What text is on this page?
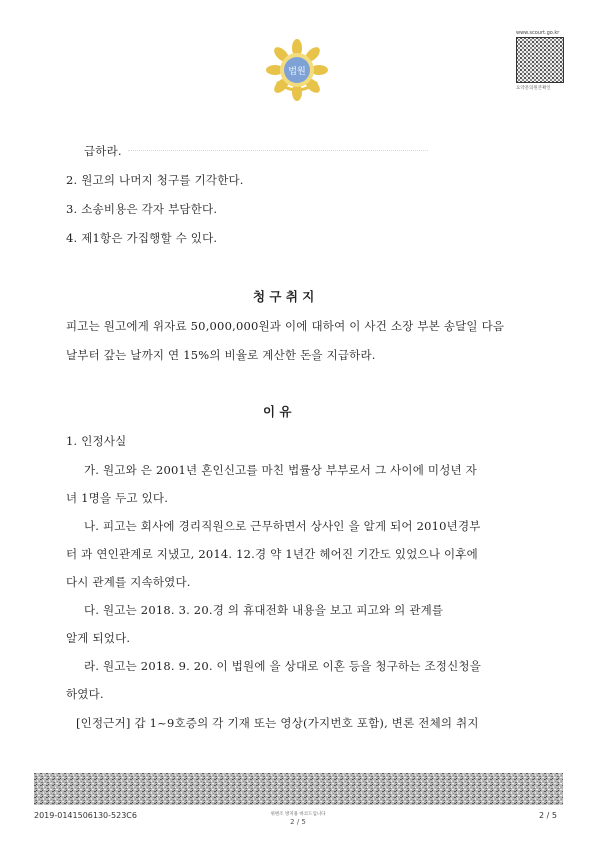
법원
www.scourt.go.kr
요약문의원본확인
급하라.
2. 원고의 나머지 청구를 기각한다.
3. 소송비용은 각자 부담한다.
4. 제1항은 가집행할 수 있다.
청 구 취 지
피고는 원고에게 위자료 50,000,000원과 이에 대하여 이 사건 소장 부본 송달일 다음
날부터 갚는 날까지 연 15%의 비율로 계산한 돈을 지급하라.
이 유
1. 인정사실
가. 원고와 은 2001년 혼인신고를 마친 법률상 부부로서 그 사이에 미성년 자
녀 1명을 두고 있다.
나. 피고는 회사에 경리직원으로 근무하면서 상사인 을 알게 되어 2010년경부
터 과 연인관계로 지냈고, 2014. 12.경 약 1년간 헤어진 기간도 있었으나 이후에
다시 관계를 지속하였다.
다. 원고는 2018. 3. 20.경 의 휴대전화 내용을 보고 피고와 의 관계를
알게 되었다.
라. 원고는 2018. 9. 20. 이 법원에 을 상대로 이혼 등을 청구하는 조정신청을
하였다.
[인정근거] 갑 1~9호증의 각 기재 또는 영상(가지번호 포함), 변론 전체의 취지
2019-0141506130-523C6	위변조 방지용 바코드입니다
2 / 5
2 / 5
